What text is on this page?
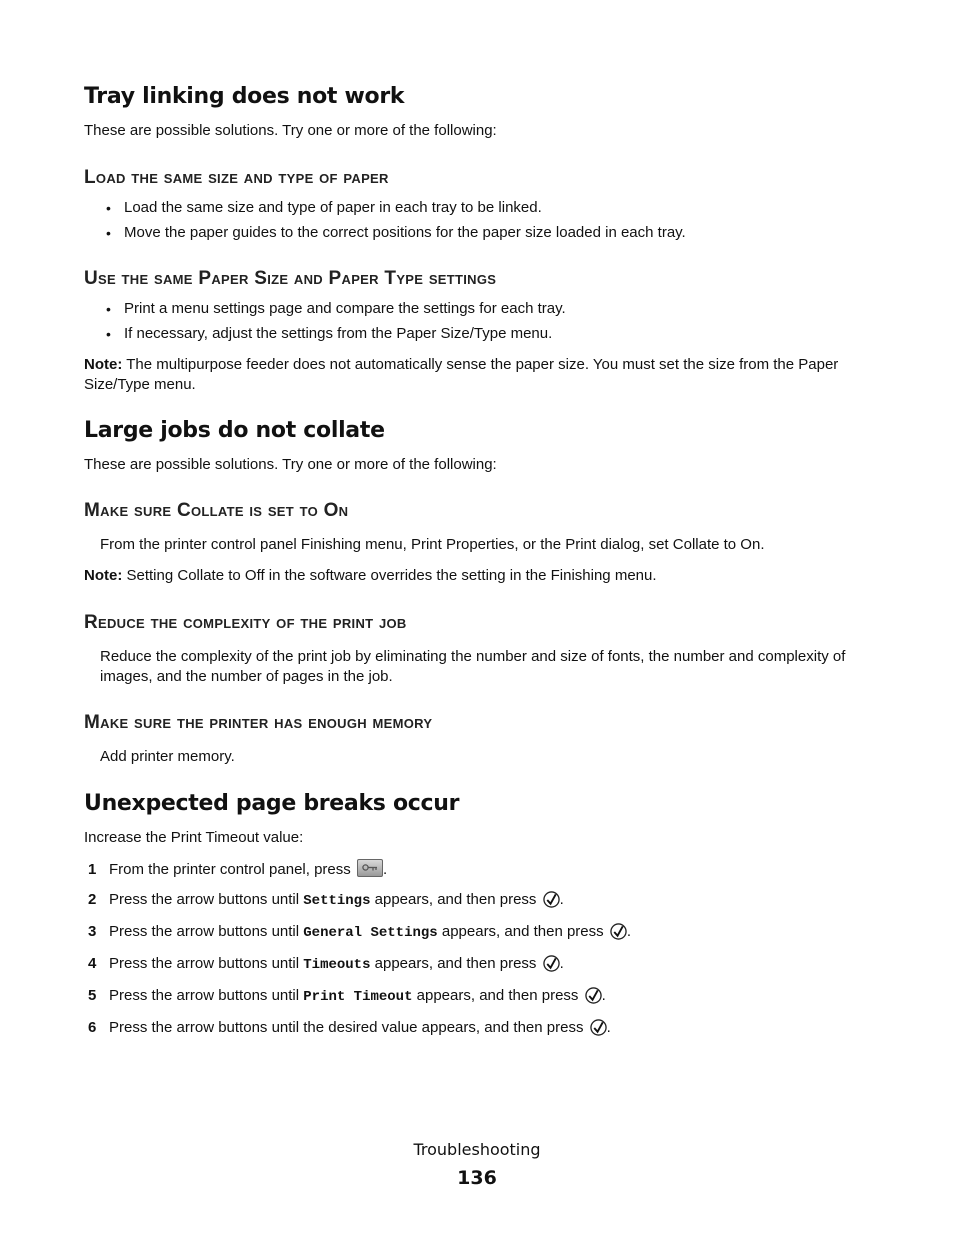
Tray linking does not work

These are possible solutions. Try one or more of the following:

Load the same size and type of paper
• Load the same size and type of paper in each tray to be linked.
• Move the paper guides to the correct positions for the paper size loaded in each tray.
Use the same Paper Size and Paper Type settings
• Print a menu settings page and compare the settings for each tray.
• If necessary, adjust the settings from the Paper Size/Type menu.

Note: The multipurpose feeder does not automatically sense the paper size. You must set the size from the Paper Size/Type menu.

Large jobs do not collate

These are possible solutions. Try one or more of the following:

Make sure Collate is set to On

From the printer control panel Finishing menu, Print Properties, or the Print dialog, set Collate to On.

Note: Setting Collate to Off in the software overrides the setting in the Finishing menu.

Reduce the complexity of the print job

Reduce the complexity of the print job by eliminating the number and size of fonts, the number and complexity of images, and the number of pages in the job.

Make sure the printer has enough memory

Add printer memory.

Unexpected page breaks occur

Increase the Print Timeout value:

1 From the printer control panel, press
.
2 Press the arrow buttons until Settings appears, and then press .
3 Press the arrow buttons until General Settings appears, and then press .
4 Press the arrow buttons until Timeouts appears, and then press .
5 Press the arrow buttons until Print Timeout appears, and then press .
6 Press the arrow buttons until the desired value appears, and then press .
Troubleshooting
136
